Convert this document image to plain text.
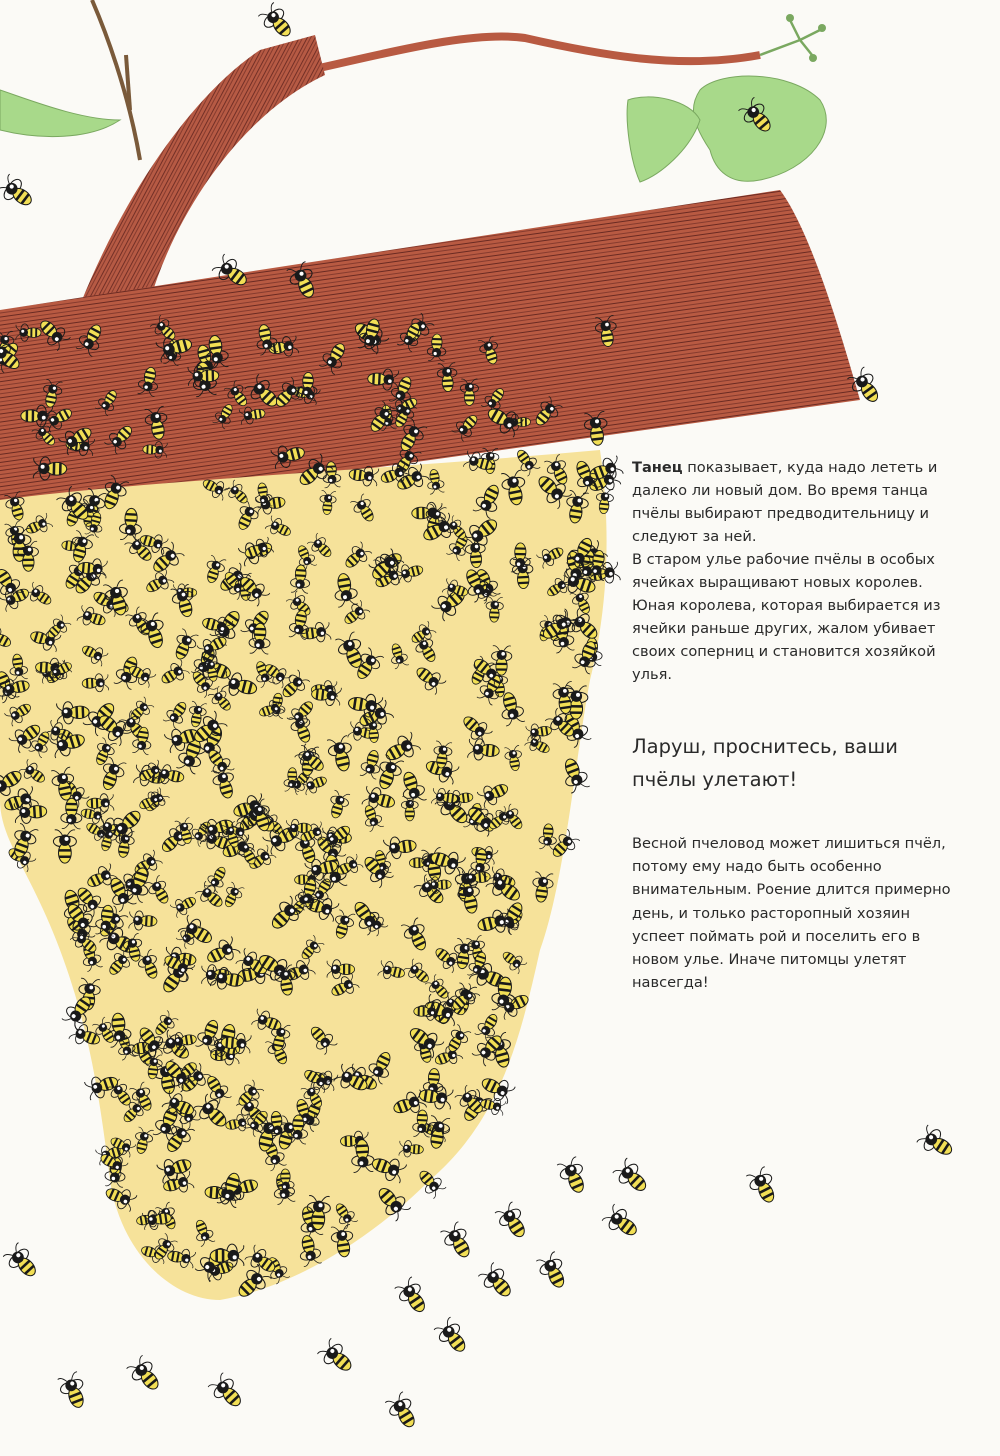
Танец показывает, куда надо лететь и далеко ли новый дом. Во время танца пчёлы выбирают предводительницу и следуют за ней.

В старом улье рабочие пчёлы в особых ячейках выращивают новых королев. Юная королева, которая выбирается из ячейки раньше других, жалом убивает своих соперниц и становится хозяйкой улья.

Ларуш, проснитесь, ваши пчёлы улетают!
Весной пчеловод может лишиться пчёл, потому ему надо быть особенно внимательным. Роение длится примерно день, и только расторопный хозяин успеет поймать рой и поселить его в новом улье. Иначе питомцы улетят навсегда!
